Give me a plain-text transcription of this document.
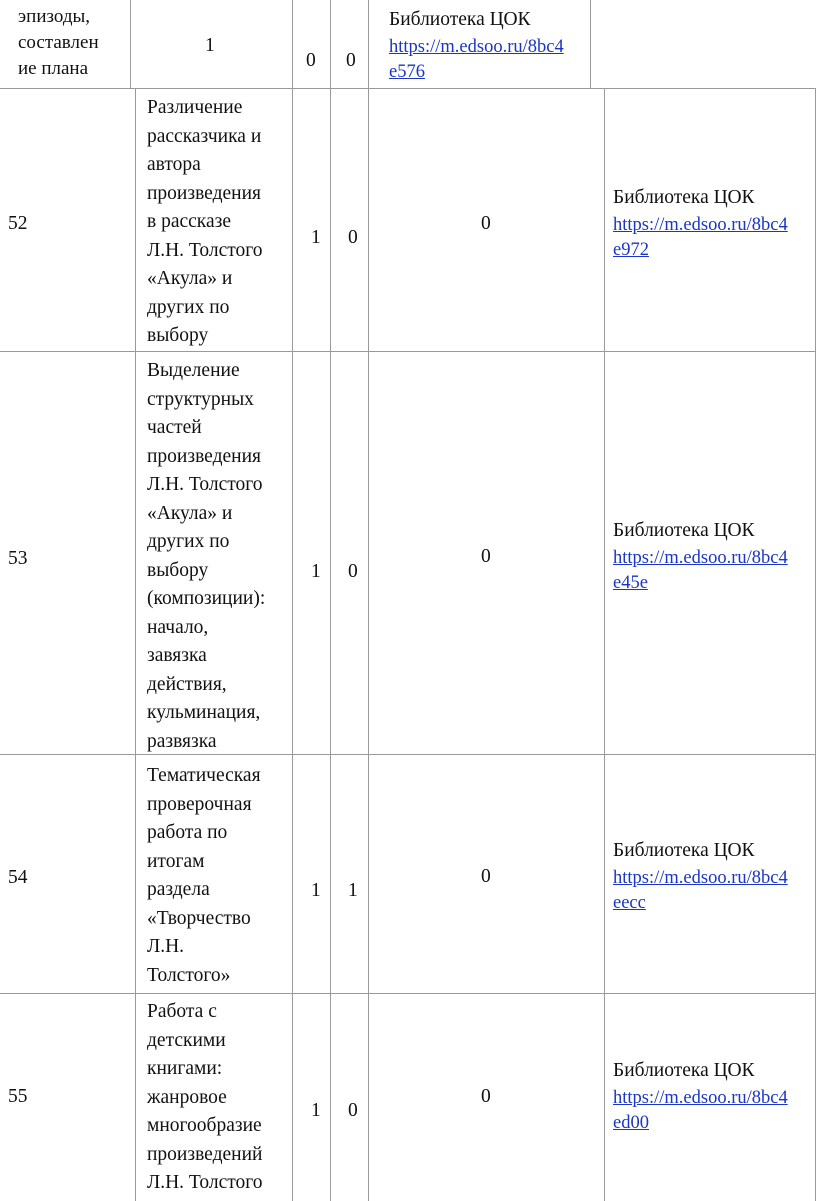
эпизоды,
составлен
ие плана
1
0 0
Библиотека ЦОК
https://m.edsoo.ru/8bc4
e576
52
Различение
рассказчика и
автора
произведения
в рассказе
Л.Н. Толстого
«Акула» и
других по
выбору
1 0
0
Библиотека ЦОК
https://m.edsoo.ru/8bc4
e972
53
Выделение
структурных
частей
произведения
Л.Н. Толстого
«Акула» и
других по
выбору
(композиции):
начало,
завязка
действия,
кульминация,
развязка
1 0
0
Библиотека ЦОК
https://m.edsoo.ru/8bc4
e45e
54
Тематическая
проверочная
работа по
итогам
раздела
«Творчество
Л.Н.
Толстого»
1 1
0
Библиотека ЦОК
https://m.edsoo.ru/8bc4
eecc
55
Работа с
детскими
книгами:
жанровое
многообразие
произведений
Л.Н. Толстого
1 0
0
Библиотека ЦОК
https://m.edsoo.ru/8bc4
ed00
